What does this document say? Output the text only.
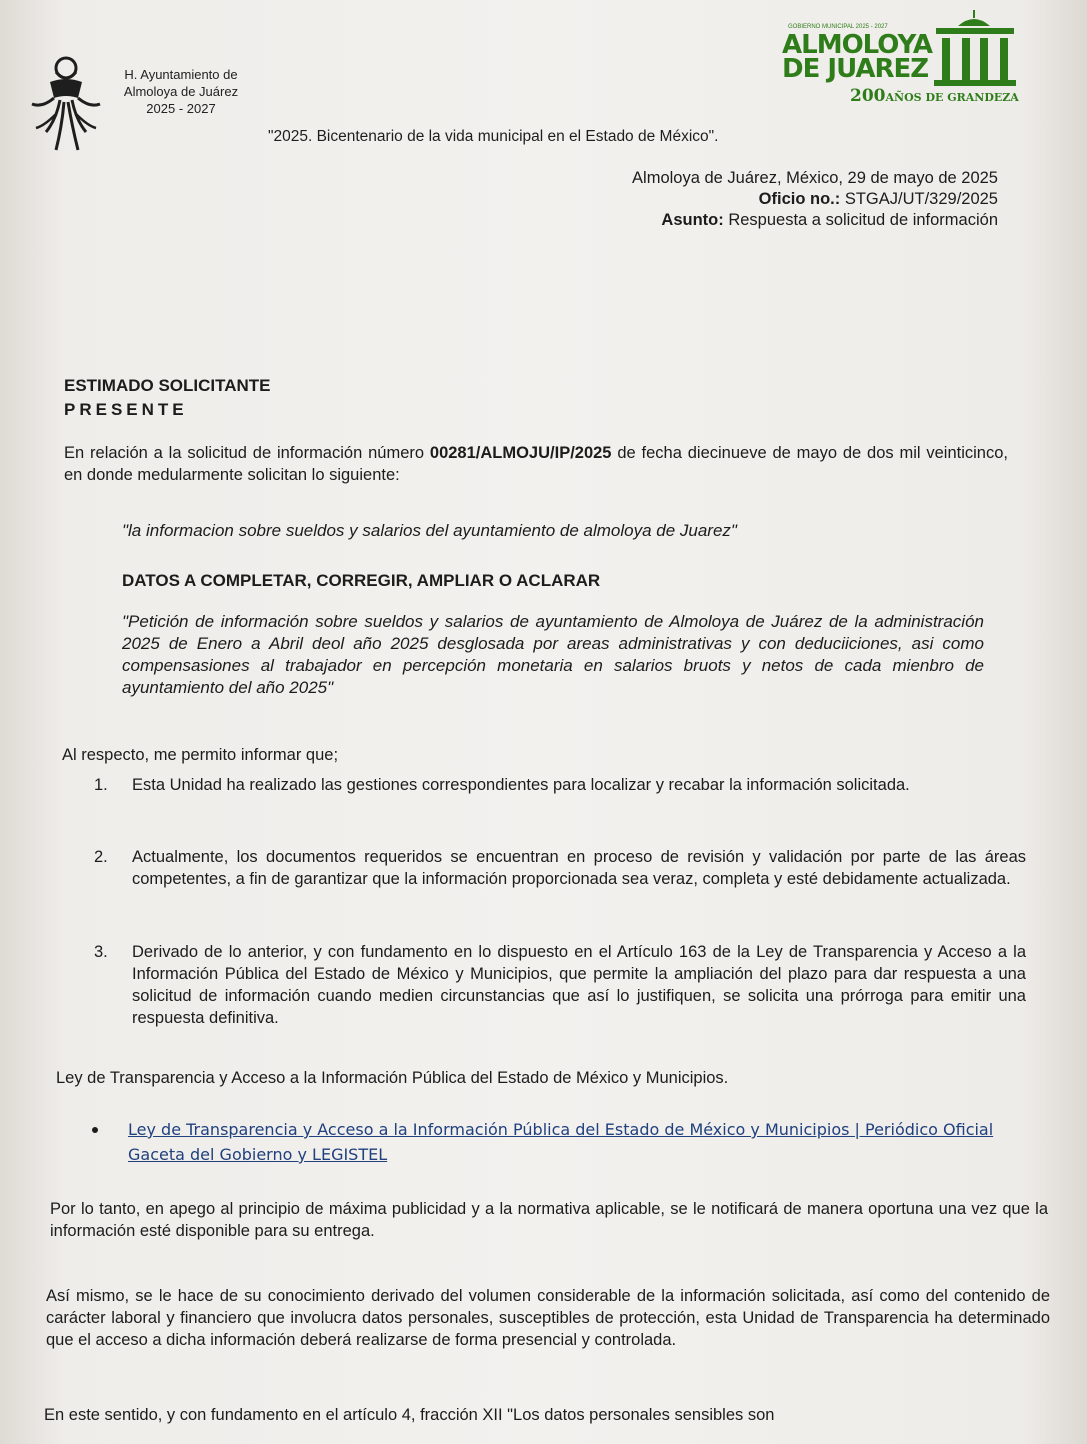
H. Ayuntamiento de
Almoloya de Juárez
2025 - 2027
GOBIERNO MUNICIPAL 2025 - 2027
ALMOLOYA
DE JUAREZ
200AÑOS DE GRANDEZA
"2025. Bicentenario de la vida municipal en el Estado de México".
Almoloya de Juárez, México, 29 de mayo de 2025
Oficio no.: STGAJ/UT/329/2025
Asunto: Respuesta a solicitud de información
ESTIMADO SOLICITANTE
PRESENTE
En relación a la solicitud de información número 00281/ALMOJU/IP/2025 de fecha diecinueve de mayo de dos mil veinticinco, en donde medularmente solicitan lo siguiente:
"la informacion sobre sueldos y salarios del ayuntamiento de almoloya de Juarez"
DATOS A COMPLETAR, CORREGIR, AMPLIAR O ACLARAR
"Petición de información sobre sueldos y salarios de ayuntamiento de Almoloya de Juárez de la administración 2025 de Enero a Abril deol año 2025 desglosada por areas administrativas y con deduciiciones, asi como compensasiones al trabajador en percepción monetaria en salarios bruots y netos de cada mienbro de ayuntamiento del año 2025"
Al respecto, me permito informar que;
1.	Esta Unidad ha realizado las gestiones correspondientes para localizar y recabar la información solicitada.
2.	Actualmente, los documentos requeridos se encuentran en proceso de revisión y validación por parte de las áreas competentes, a fin de garantizar que la información proporcionada sea veraz, completa y esté debidamente actualizada.
3.	Derivado de lo anterior, y con fundamento en lo dispuesto en el Artículo 163 de la Ley de Transparencia y Acceso a la Información Pública del Estado de México y Municipios, que permite la ampliación del plazo para dar respuesta a una solicitud de información cuando medien circunstancias que así lo justifiquen, se solicita una prórroga para emitir una respuesta definitiva.
Ley de Transparencia y Acceso a la Información Pública del Estado de México y Municipios.
Ley de Transparencia y Acceso a la Información Pública del Estado de México y Municipios | Periódico Oficial Gaceta del Gobierno y LEGISTEL
Por lo tanto, en apego al principio de máxima publicidad y a la normativa aplicable, se le notificará de manera oportuna una vez que la información esté disponible para su entrega.
Así mismo, se le hace de su conocimiento derivado del volumen considerable de la información solicitada, así como del contenido de carácter laboral y financiero que involucra datos personales, susceptibles de protección, esta Unidad de Transparencia ha determinado que el acceso a dicha información deberá realizarse de forma presencial y controlada.
En este sentido, y con fundamento en el artículo 4, fracción XII "Los datos personales sensibles son
